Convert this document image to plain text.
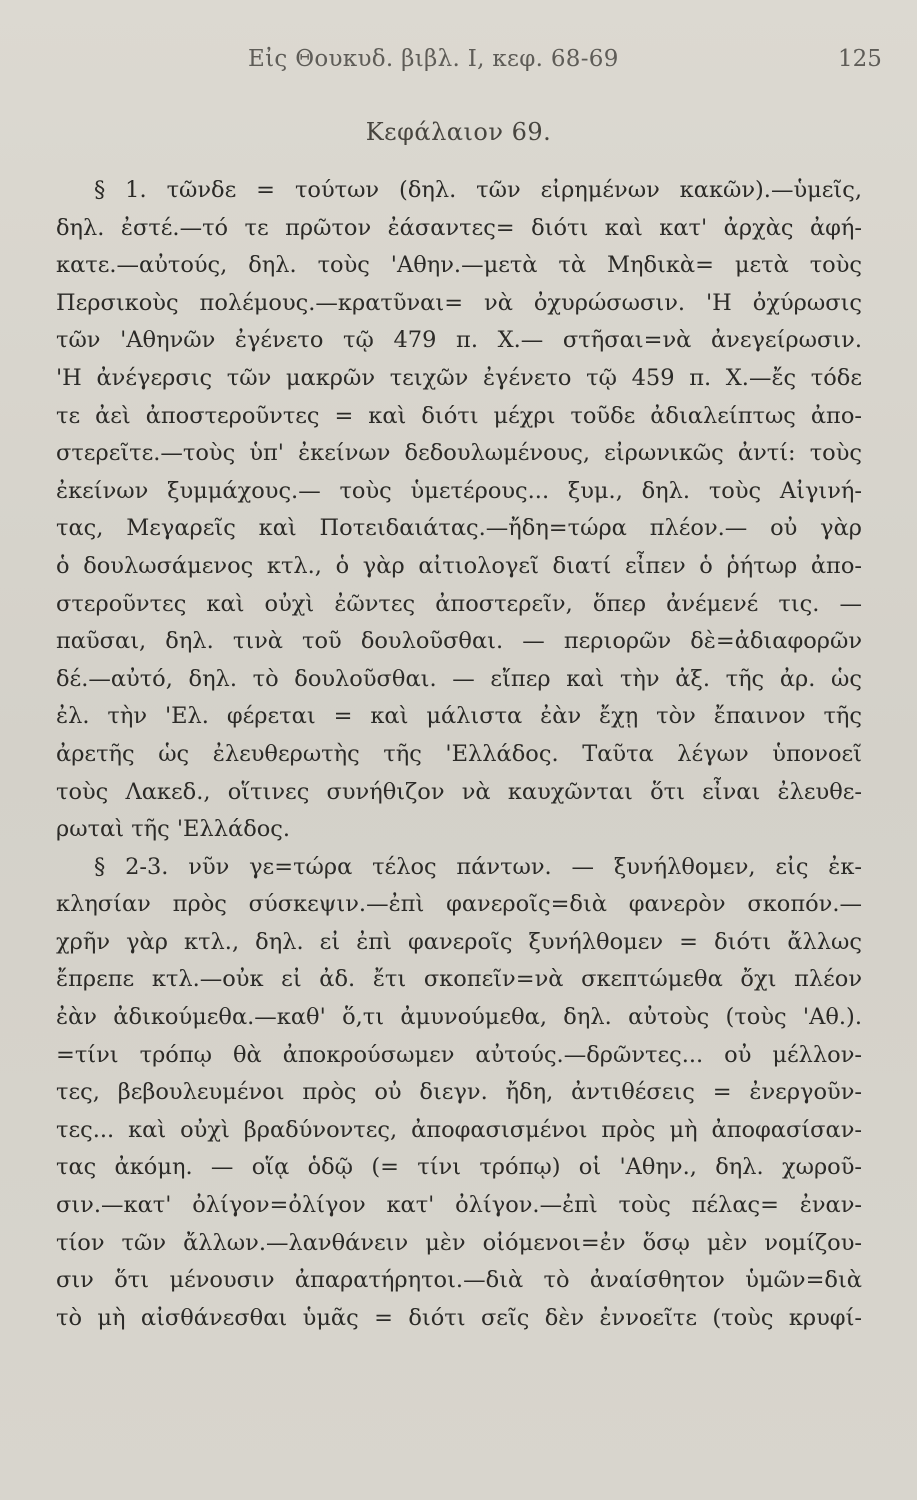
Εἰς Θουκυδ. βιβλ. Ι, κεφ. 68-69	125
Κεφάλαιον 69.
§ 1. τῶνδε = τούτων (δηλ. τῶν εἰρημένων κακῶν).—ὑμεῖς,
δηλ. ἐστέ.—τό τε πρῶτον ἐάσαντες= διότι καὶ κατ' ἀρχὰς ἀφή-
κατε.—αὐτούς, δηλ. τοὺς 'Αθην.—μετὰ τὰ Μηδικὰ= μετὰ τοὺς
Περσικοὺς πολέμους.—κρατῦναι= νὰ ὀχυρώσωσιν. 'Η ὀχύρωσις
τῶν 'Αθηνῶν ἐγένετο τῷ 479 π. Χ.— στῆσαι=νὰ ἀνεγείρωσιν.
'Η ἀνέγερσις τῶν μακρῶν τειχῶν ἐγένετο τῷ 459 π. Χ.—ἔς τόδε
τε ἀεὶ ἀποστεροῦντες = καὶ διότι μέχρι τοῦδε ἀδιαλείπτως ἀπο-
στερεῖτε.—τοὺς ὑπ' ἐκείνων δεδουλωμένους, εἰρωνικῶς ἀντί: τοὺς
ἐκείνων ξυμμάχους.— τοὺς ὑμετέρους... ξυμ., δηλ. τοὺς Αἰγινή-
τας, Μεγαρεῖς καὶ Ποτειδαιάτας.—ἤδη=τώρα πλέον.— οὐ γὰρ
ὁ δουλωσάμενος κτλ., ὁ γὰρ αἰτιολογεῖ διατί εἶπεν ὁ ῥήτωρ ἀπο-
στεροῦντες καὶ οὐχὶ ἐῶντες ἀποστερεῖν, ὅπερ ἀνέμενέ τις. —
παῦσαι, δηλ. τινὰ τοῦ δουλοῦσθαι. — περιορῶν δὲ=ἀδιαφορῶν
δέ.—αὐτό, δηλ. τὸ δουλοῦσθαι. — εἴπερ καὶ τὴν ἀξ. τῆς ἀρ. ὡς
ἐλ. τὴν 'Ελ. φέρεται = καὶ μάλιστα ἐὰν ἔχῃ τὸν ἔπαινον τῆς
ἀρετῆς ὡς ἐλευθερωτὴς τῆς 'Ελλάδος. Ταῦτα λέγων ὑπονοεῖ
τοὺς Λακεδ., οἵτινες συνήθιζον νὰ καυχῶνται ὅτι εἶναι ἐλευθε-
ρωταὶ τῆς 'Ελλάδος.
§ 2-3. νῦν γε=τώρα τέλος πάντων. — ξυνήλθομεν, εἰς ἐκ-
κλησίαν πρὸς σύσκεψιν.—ἐπὶ φανεροῖς=διὰ φανερὸν σκοπόν.—
χρῆν γὰρ κτλ., δηλ. εἰ ἐπὶ φανεροῖς ξυνήλθομεν = διότι ἄλλως
ἔπρεπε κτλ.—οὐκ εἰ ἀδ. ἔτι σκοπεῖν=νὰ σκεπτώμεθα ὄχι πλέον
ἐὰν ἀδικούμεθα.—καθ' ὅ,τι ἀμυνούμεθα, δηλ. αὐτοὺς (τοὺς 'Αθ.).
=τίνι τρόπῳ θὰ ἀποκρούσωμεν αὐτούς.—δρῶντες... οὐ μέλλον-
τες, βεβουλευμένοι πρὸς οὐ διεγν. ἤδη, ἀντιθέσεις = ἐνεργοῦν-
τες... καὶ οὐχὶ βραδύνοντες, ἀποφασισμένοι πρὸς μὴ ἀποφασίσαν-
τας ἀκόμη. — οἵᾳ ὁδῷ (= τίνι τρόπῳ) οἱ 'Αθην., δηλ. χωροῦ-
σιν.—κατ' ὀλίγον=ὀλίγον κατ' ὀλίγον.—ἐπὶ τοὺς πέλας= ἐναν-
τίον τῶν ἄλλων.—λανθάνειν μὲν οἰόμενοι=ἐν ὅσῳ μὲν νομίζου-
σιν ὅτι μένουσιν ἀπαρατήρητοι.—διὰ τὸ ἀναίσθητον ὑμῶν=διὰ
τὸ μὴ αἰσθάνεσθαι ὑμᾶς = διότι σεῖς δὲν ἐννοεῖτε (τοὺς κρυφί-
